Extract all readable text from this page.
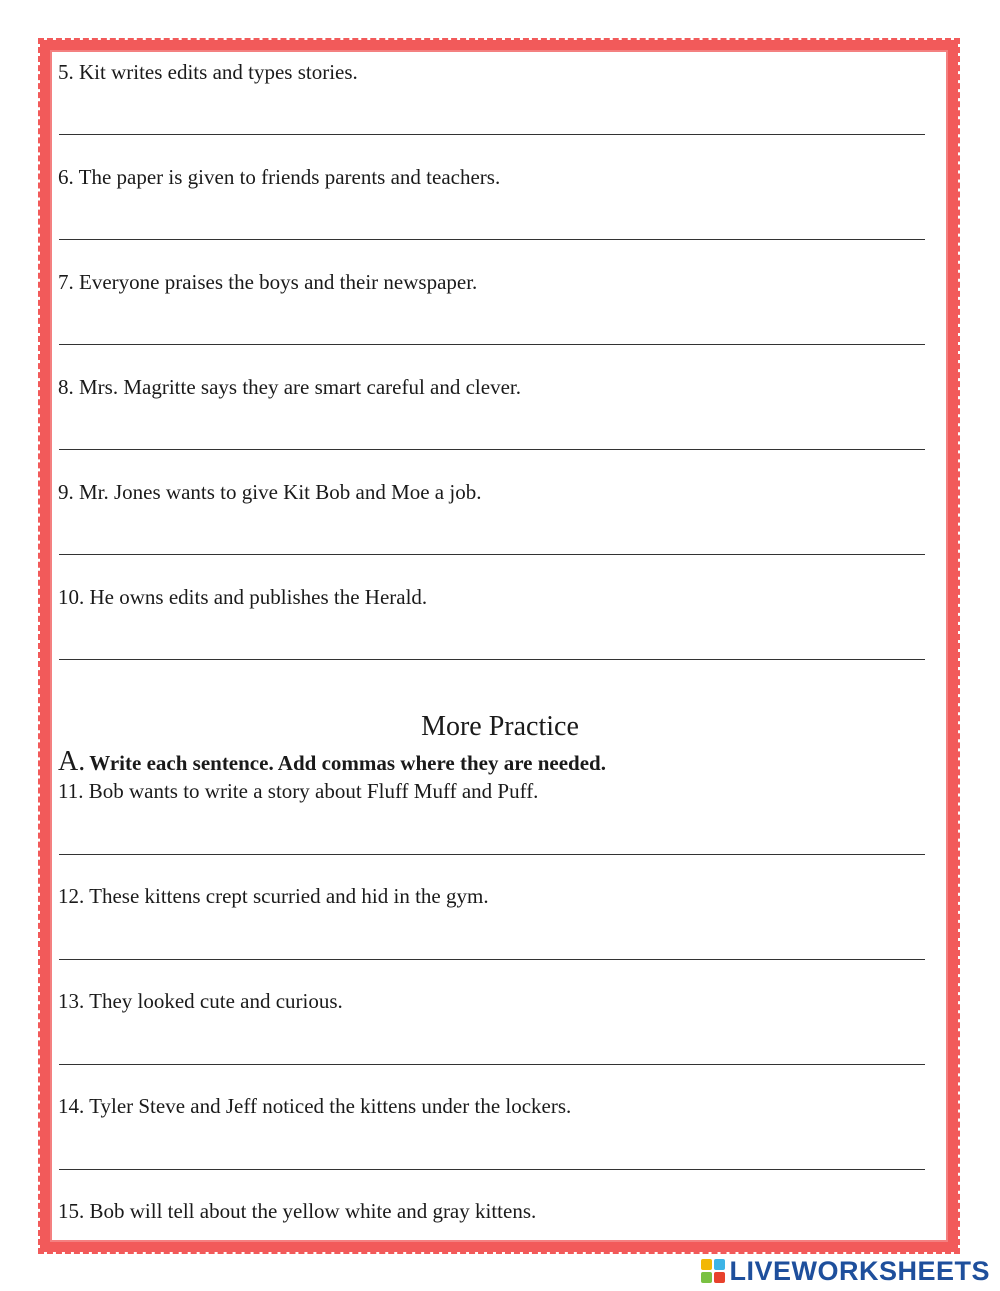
5. Kit writes edits and types stories.
6. The paper is given to friends parents and teachers.
7. Everyone praises the boys and their newspaper.
8. Mrs. Magritte says they are smart careful and clever.
9. Mr. Jones wants to give Kit Bob and Moe a job.
10. He owns edits and publishes the Herald.
More Practice
A. Write each sentence. Add commas where they are needed.
11. Bob wants to write a story about Fluff Muff and Puff.
12. These kittens crept scurried and hid in the gym.
13. They looked cute and curious.
14. Tyler Steve and Jeff noticed the kittens under the lockers.
15. Bob will tell about the yellow white and gray kittens.
LIVEWORKSHEETS
